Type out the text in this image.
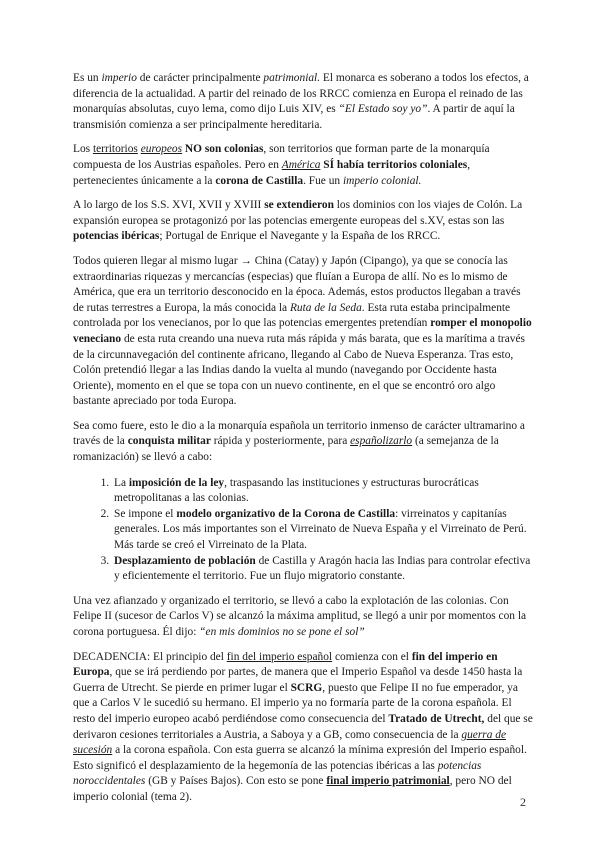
Es un imperio de carácter principalmente patrimonial. El monarca es soberano a todos los efectos, a diferencia de la actualidad. A partir del reinado de los RRCC comienza en Europa el reinado de las monarquías absolutas, cuyo lema, como dijo Luis XIV, es “El Estado soy yo”. A partir de aquí la transmisión comienza a ser principalmente hereditaria.

Los territorios europeos NO son colonias, son territorios que forman parte de la monarquía compuesta de los Austrias españoles. Pero en América SÍ había territorios coloniales, pertenecientes únicamente a la corona de Castilla. Fue un imperio colonial.

A lo largo de los S.S. XVI, XVII y XVIII se extendieron los dominios con los viajes de Colón. La expansión europea se protagonizó por las potencias emergente europeas del s.XV, estas son las potencias ibéricas; Portugal de Enrique el Navegante y la España de los RRCC.

Todos quieren llegar al mismo lugar → China (Catay) y Japón (Cipango), ya que se conocía las extraordinarias riquezas y mercancías (especias) que fluían a Europa de allí. No es lo mismo de América, que era un territorio desconocido en la época. Además, estos productos llegaban a través de rutas terrestres a Europa, la más conocida la Ruta de la Seda. Esta ruta estaba principalmente controlada por los venecianos, por lo que las potencias emergentes pretendían romper el monopolio veneciano de esta ruta creando una nueva ruta más rápida y más barata, que es la marítima a través de la circunnavegación del continente africano, llegando al Cabo de Nueva Esperanza. Tras esto, Colón pretendió llegar a las Indias dando la vuelta al mundo (navegando por Occidente hasta Oriente), momento en el que se topa con un nuevo continente, en el que se encontró oro algo bastante apreciado por toda Europa.

Sea como fuere, esto le dio a la monarquía española un territorio inmenso de carácter ultramarino a través de la conquista militar rápida y posteriormente, para españolizarlo (a semejanza de la romanización) se llevó a cabo:

1. La imposición de la ley, traspasando las instituciones y estructuras burocráticas metropolitanas a las colonias.
2. Se impone el modelo organizativo de la Corona de Castilla: virreinatos y capitanías generales. Los más importantes son el Virreinato de Nueva España y el Virreinato de Perú. Más tarde se creó el Virreinato de la Plata.
3. Desplazamiento de población de Castilla y Aragón hacia las Indias para controlar efectiva y eficientemente el territorio. Fue un flujo migratorio constante.

Una vez afianzado y organizado el territorio, se llevó a cabo la explotación de las colonias. Con Felipe II (sucesor de Carlos V) se alcanzó la máxima amplitud, se llegó a unir por momentos con la corona portuguesa. Él dijo: “en mis dominios no se pone el sol”

DECADENCIA: El principio del fin del imperio español comienza con el fin del imperio en Europa, que se irá perdiendo por partes, de manera que el Imperio Español va desde 1450 hasta la Guerra de Utrecht. Se pierde en primer lugar el SCRG, puesto que Felipe II no fue emperador, ya que a Carlos V le sucedió su hermano. El imperio ya no formaría parte de la corona española. El resto del imperio europeo acabó perdiéndose como consecuencia del Tratado de Utrecht, del que se derivaron cesiones territoriales a Austria, a Saboya y a GB, como consecuencia de la guerra de sucesión a la corona española. Con esta guerra se alcanzó la mínima expresión del Imperio español. Esto significó el desplazamiento de la hegemonía de las potencias ibéricas a las potencias noroccidentales (GB y Países Bajos). Con esto se pone final imperio patrimonial, pero NO del imperio colonial (tema 2).	2
